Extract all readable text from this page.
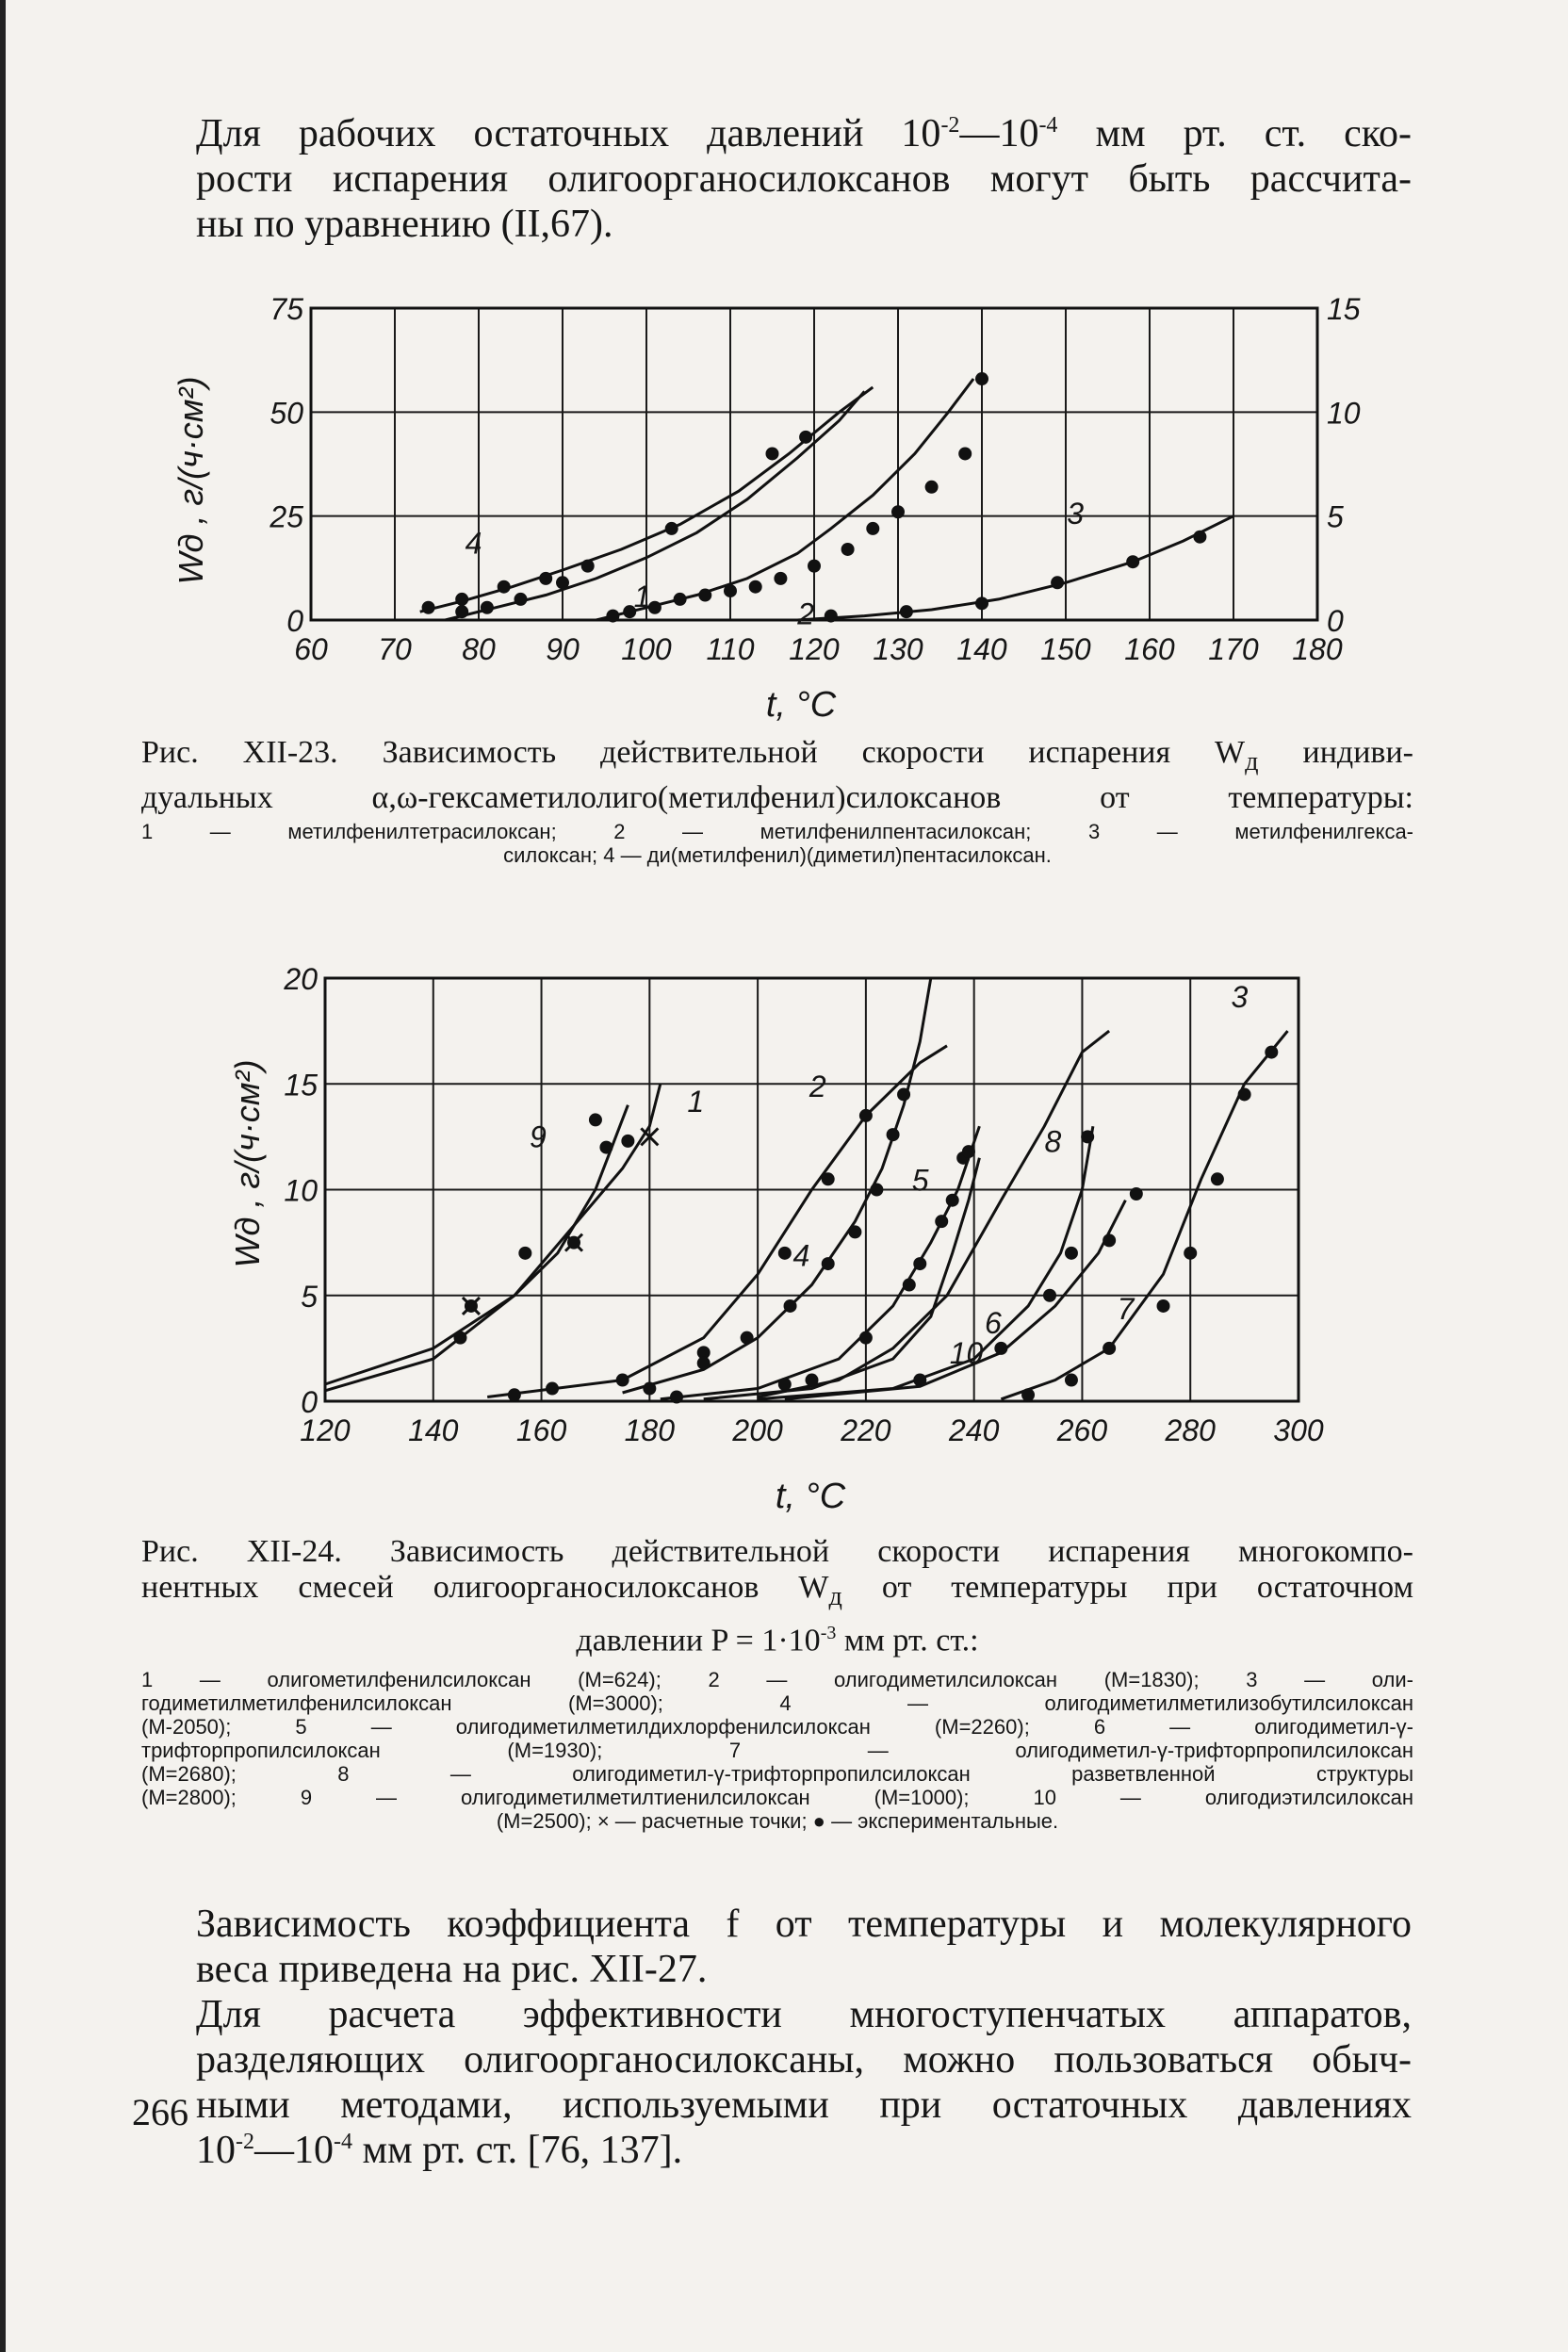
Для рабочих остаточных давлений $10^{-2}—10^{-4}$ мм рт. ст. ско-
рости испарения олигоорганосилоксанов могут быть рассчита-

ны по уравнению (II,67).

Wд , г/(ч·см²)
t, °C
60 70 80 90 100 110 120 130 140 150 160 170 180
0
25
50
75
0
5
10
15
4
1
2
3
Wд , г/(ч·см²)
t, °C
120 140 160 180 200 220 240 260 280 300
0
5
10
15
20
9
1	2
4
6
5
10
8
7
3

Рис. XII-23. Зависимость действительной скорости испарения $W_д$ индиви-

дуальных α,ω-гексаметилолиго(метилфенил)силоксанов от температуры:

1 — метилфенилтетрасилоксан; 2 — метилфенилпентасилоксан; 3 — метилфенилгекса-

силоксан; 4 — ди(метилфенил)(диметил)пентасилоксан.

Рис. XII-24. Зависимость действительной скорости испарения многокомпо-
нентных смесей олигоорганосилоксанов $W_д$ от температуры при остаточном

давлении $P = 1\cdot 10^{-3}$ мм рт. ст.:

1 — олигометилфенилсилоксан (M=624); 2 — олигодиметилсилоксан (M=1830); 3 — оли-
годиметилметилфенилсилоксан (M=3000); 4 — олигодиметилметилизобутилсилоксан
(M-2050); 5 — олигодиметилметилдихлорфенилсилоксан (M=2260); 6 — олигодиметил-γ-
трифторпропилсилоксан (M=1930); 7 — олигодиметил-γ-трифторпропилсилоксан
(M=2680); 8 — олигодиметил-γ-трифторпропилсилоксан разветвленной структуры
(M=2800); 9 — олигодиметилметилтиенилсилоксан (M=1000); 10 — олигодиэтилсилоксан

(M=2500); × — расчетные точки; ● — экспериментальные.

Зависимость коэффициента f от температуры и молекулярного

веса приведена на рис. XII-27.

Для расчета эффективности многоступенчатых аппаратов,
разделяющих олигоорганосилоксаны, можно пользоваться обыч-
ными методами, используемыми при остаточных давлениях

$10^{-2}—10^{-4}$ мм рт. ст. [76, 137].

266
